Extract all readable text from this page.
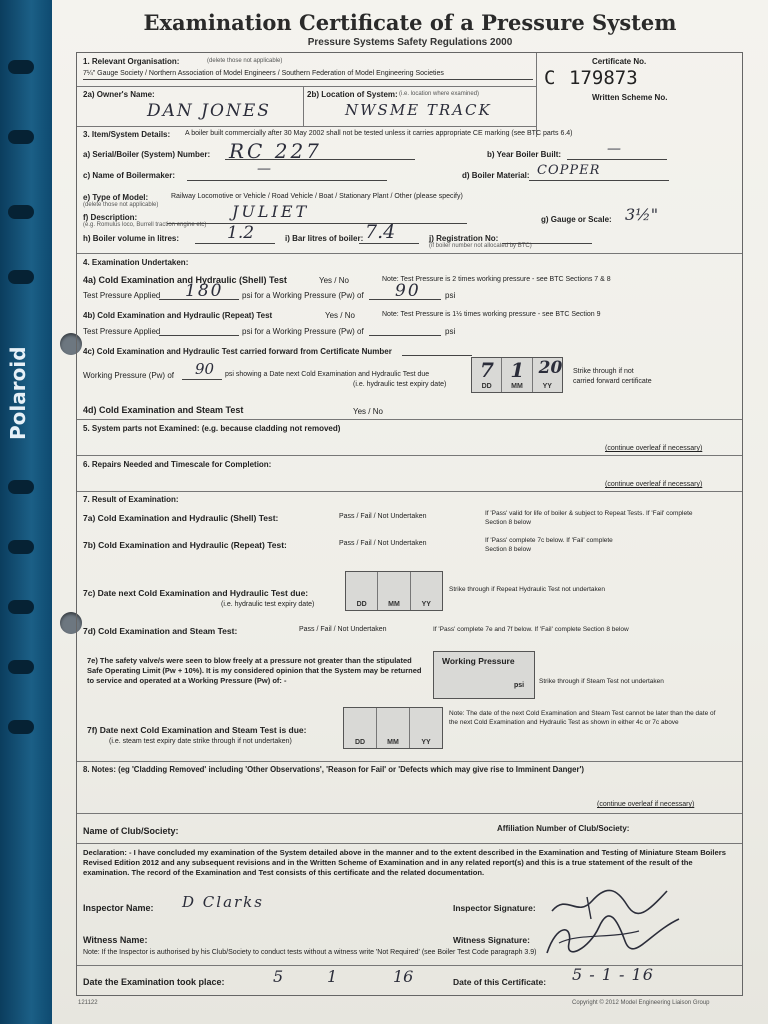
Polaroid
Examination Certificate of a Pressure System
Pressure Systems Safety Regulations 2000
1. Relevant Organisation:	(delete those not applicable)
7¼" Gauge Society / Northern Association of Model Engineers / Southern Federation of Model Engineering Societies
Certificate No.
C 179873
Written Scheme No.
2a) Owner's Name:
DAN JONES
2b) Location of System: (i.e. location where examined)
NWSME TRACK
3. Item/System Details: A boiler built commercially after 30 May 2002 shall not be tested unless it carries appropriate CE marking (see BTC parts 6.4)
a) Serial/Boiler (System) Number: RC 227	b) Year Boiler Built:	—
c) Name of Boilermaker:	—	d) Boiler Material: COPPER
e) Type of Model:	Railway Locomotive or Vehicle / Road Vehicle / Boat / Stationary Plant / Other (please specify)
(delete those not applicable)
f) Description:
(e.g. Romulus loco, Burrell traction engine etc)
JULIET	g) Gauge or Scale: 3½"
h) Boiler volume in litres:	1.2	i) Bar litres of boiler: 7.4	j) Registration No:
(if boiler number not allocated by BTC)
4. Examination Undertaken:
4a) Cold Examination and Hydraulic (Shell) Test	Yes / No	Note: Test Pressure is 2 times working pressure - see BTC Sections 7 & 8
Test Pressure Applied 180 psi for a Working Pressure (Pw) of 90	psi
4b) Cold Examination and Hydraulic (Repeat) Test	Yes / No	Note: Test Pressure is 1½ times working pressure - see BTC Section 9
Test Pressure Applied	psi for a Working Pressure (Pw) of	psi
4c) Cold Examination and Hydraulic Test carried forward from Certificate Number
Working Pressure (Pw) of 90 psi showing a Date next Cold Examination and Hydraulic Test due
(i.e. hydraulic test expiry date)
7
DD
1
MM
20
YY
Strike through if not carried forward certificate
4d) Cold Examination and Steam Test	Yes / No
5. System parts not Examined: (e.g. because cladding not removed)
(continue overleaf if necessary)
6. Repairs Needed and Timescale for Completion:
(continue overleaf if necessary)
7. Result of Examination:
7a) Cold Examination and Hydraulic (Shell) Test:	Pass / Fail / Not Undertaken	If 'Pass' valid for life of boiler & subject to Repeat Tests. If 'Fail' complete Section 8 below
7b) Cold Examination and Hydraulic (Repeat) Test:	Pass / Fail / Not Undertaken	If 'Pass' complete 7c below. If 'Fail' complete Section 8 below
7c) Date next Cold Examination and Hydraulic Test due:
(i.e. hydraulic test expiry date)	DD	MM	YY
Strike through if Repeat Hydraulic Test not undertaken
7d) Cold Examination and Steam Test:	Pass / Fail / Not Undertaken	If 'Pass' complete 7e and 7f below. If 'Fail' complete Section 8 below
7e) The safety valve/s were seen to blow freely at a pressure not greater than the stipulated Safe Operating Limit (Pw + 10%). It is my considered opinion that the System may be returned to service and operated at a Working Pressure (Pw) of: -
Working Pressure
psi
Strike through if Steam Test not undertaken
7f) Date next Cold Examination and Steam Test is due:
(i.e. steam test expiry date strike through if not undertaken)	DD	MM	YY
Note: The date of the next Cold Examination and Steam Test cannot be later than the date of the next Cold Examination and Hydraulic Test as shown in either 4c or 7c above
8. Notes: (eg 'Cladding Removed' including 'Other Observations', 'Reason for Fail' or 'Defects which may give rise to Imminent Danger')
(continue overleaf if necessary)
Name of Club/Society:	Affiliation Number of Club/Society:
Declaration: - I have concluded my examination of the System detailed above in the manner and to the extent described in the Examination and Testing of Miniature Steam Boilers Revised Edition 2012 and any subsequent revisions and in the Written Scheme of Examination and in any related report(s) and this is a true statement of the result of the examination. The record of the Examination and Test consists of this certificate and the related documentation.
Inspector Name: D Clarks	Inspector Signature:
Witness Name:	Witness Signature:
Note: If the Inspector is authorised by his Club/Society to conduct tests without a witness write 'Not Required' (see Boiler Test Code paragraph 3.9)
Date the Examination took place:	5	1	16	Date of this Certificate: 5 - 1 - 16
121122	Copyright © 2012 Model Engineering Liaison Group
